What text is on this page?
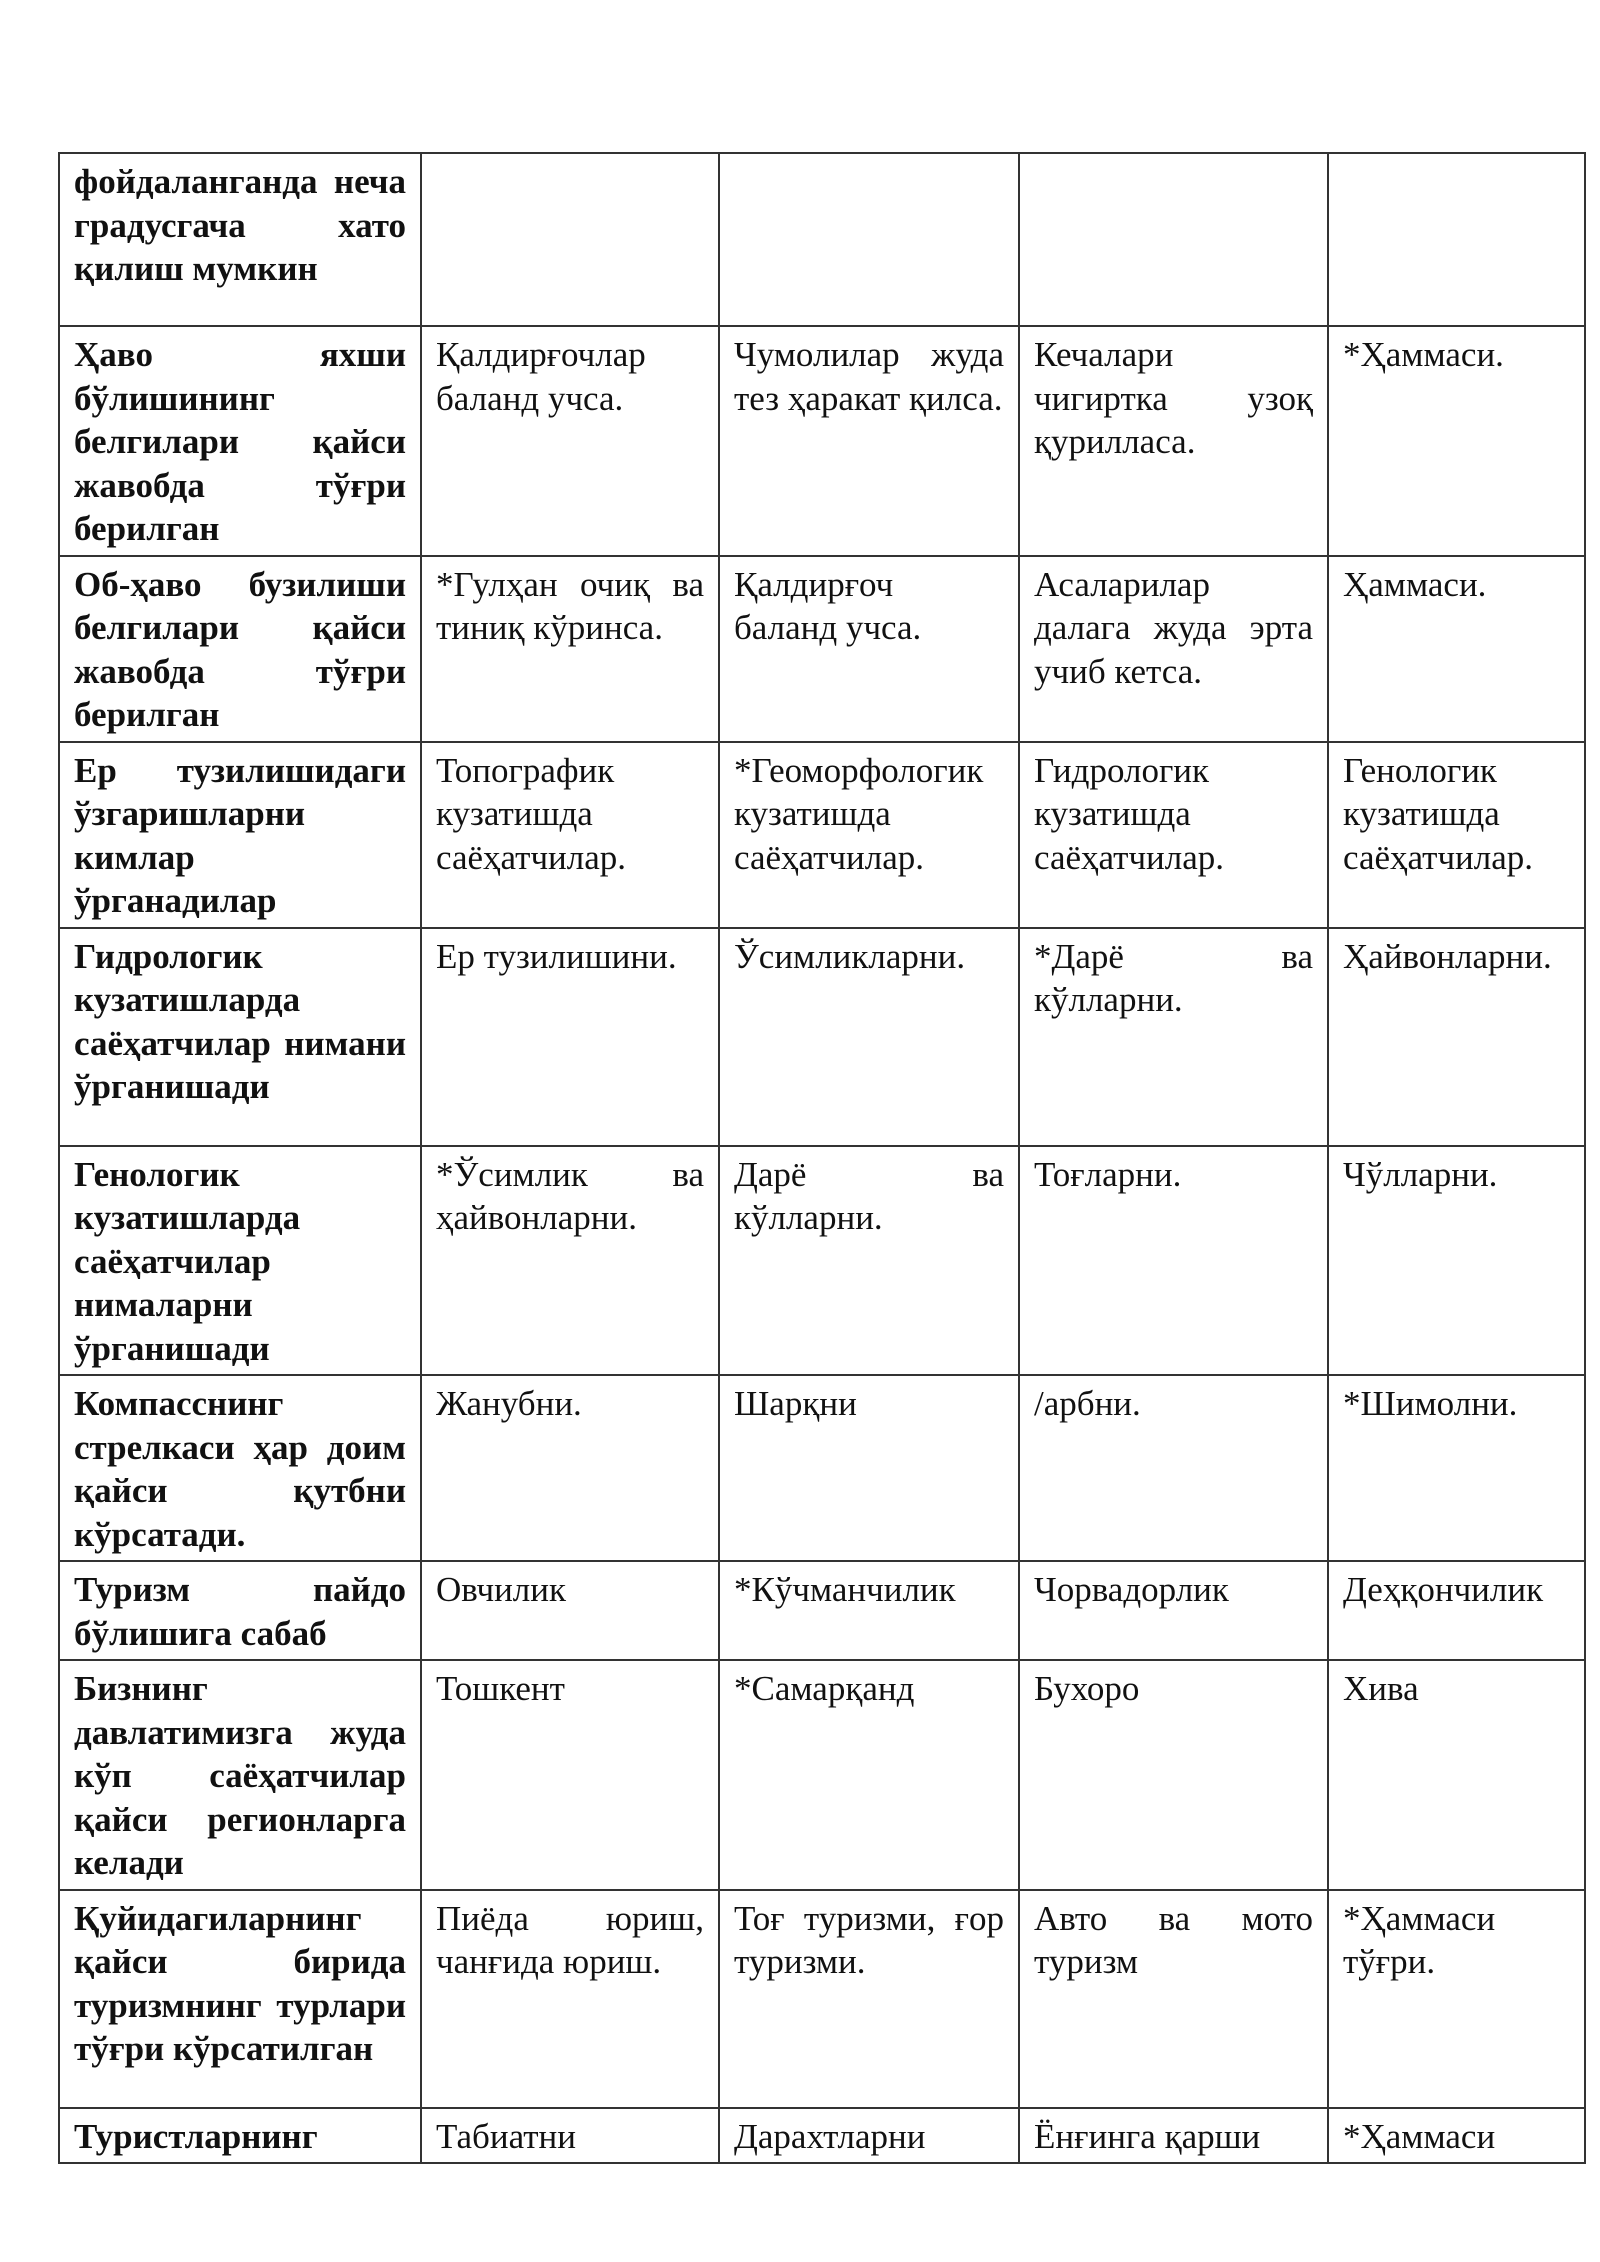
фойдаланганда неча градусгача хато қилиш мумкин				
Ҳаво яхши бўлишининг белгилари қайси жавобда тўғри берилган	Қалдирғочлар баланд учса.	Чумолилар жуда тез ҳаракат қилса.	Кечалари чигиртка узоқ қурилласа.	*Ҳаммаси.
Об-ҳаво бузилиши белгилари қайси жавобда тўғри берилган	*Гулҳан очиқ ва тиниқ кўринса.	Қалдирғоч баланд учса.	Асаларилар далага жуда эрта учиб кетса.	Ҳаммаси.
Ер тузилишидаги ўзгаришларни кимлар ўрганадилар	Топографик кузатишда саёҳатчилар.	*Геоморфологик кузатишда саёҳатчилар.	Гидрологик кузатишда саёҳатчилар.	Генологик кузатишда саёҳатчилар.
Гидрологик кузатишларда саёҳатчилар нимани ўрганишади	Ер тузилишини.	Ўсимликларни.	*Дарё ва кўлларни.	Ҳайвонларни.
Генологик кузатишларда саёҳатчилар нималарни ўрганишади	*Ўсимлик ва ҳайвонларни.	Дарё ва кўлларни.	Тоғларни.	Чўлларни.
Компасснинг стрелкаси ҳар доим қайси қутбни кўрсатади.	Жанубни.	Шарқни	/арбни.	*Шимолни.
Туризм пайдо бўлишига сабаб	Овчилик	*Кўчманчилик	Чорвадорлик	Деҳқончилик
Бизнинг давлатимизга жуда кўп саёҳатчилар қайси регионларга келади	Тошкент	*Самарқанд	Бухоро	Хива
Қуйидагиларнинг қайси бирида туризмнинг турлари тўғри кўрсатилган	Пиёда юриш, чанғида юриш.	Тоғ туризми, ғор туризми.	Авто ва мото туризм	*Ҳаммаси тўғри.
Туристларнинг	Табиатни	Дарахтларни	Ёнғинга қарши	*Ҳаммаси
